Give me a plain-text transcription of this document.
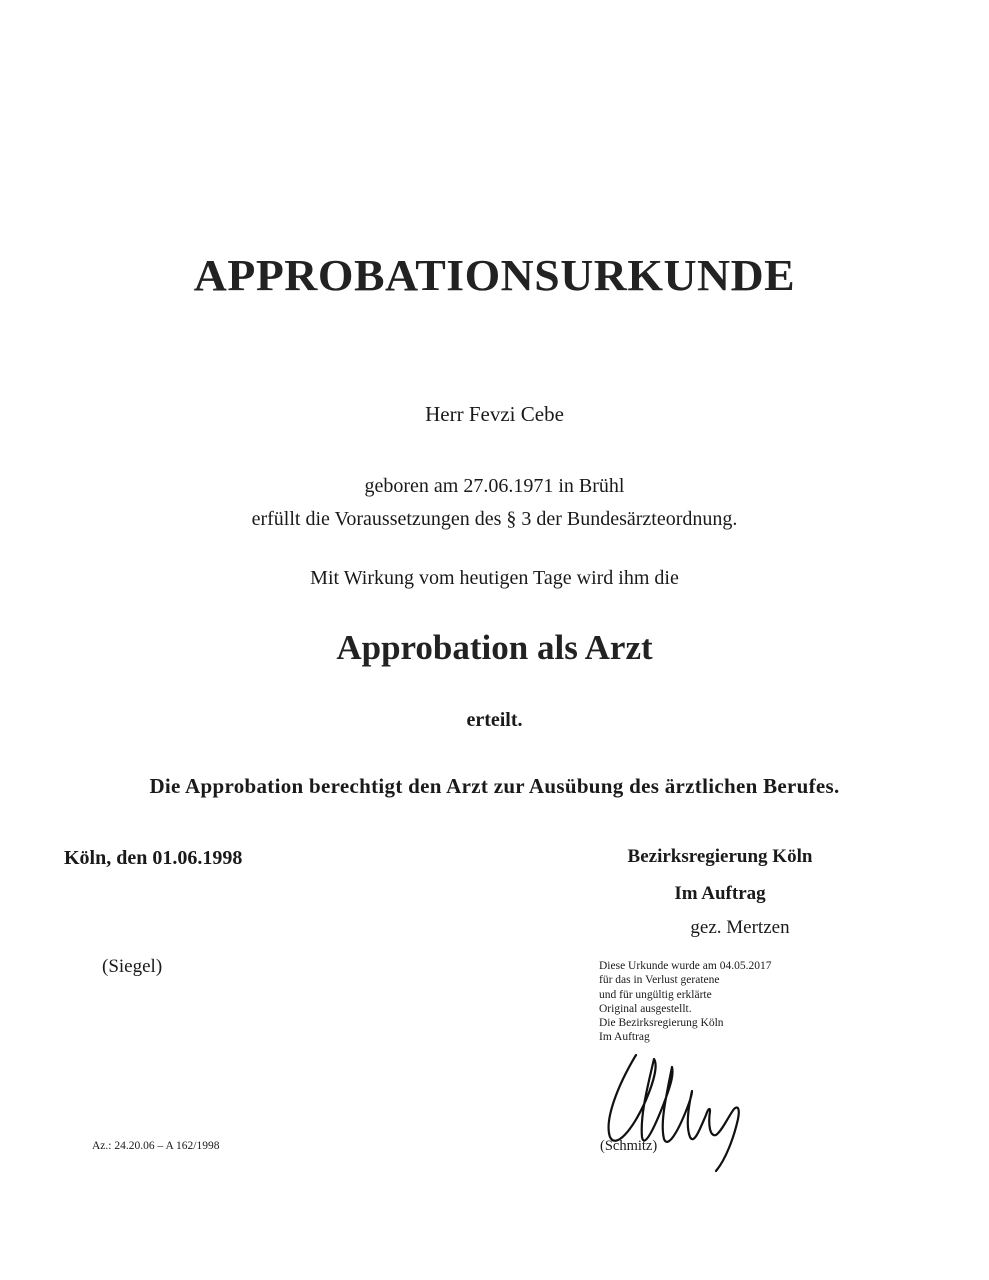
APPROBATIONSURKUNDE
Herr Fevzi Cebe
geboren am 27.06.1971 in Brühl
erfüllt die Voraussetzungen des § 3 der Bundesärzteordnung.
Mit Wirkung vom heutigen Tage wird ihm die
Approbation als Arzt
erteilt.
Die Approbation berechtigt den Arzt zur Ausübung des ärztlichen Berufes.
Köln, den 01.06.1998	Bezirksregierung Köln
Im Auftrag
gez. Mertzen
(Siegel)	Diese Urkunde wurde am 04.05.2017
für das in Verlust geratene
und für ungültig erklärte
Original ausgestellt.
Die Bezirksregierung Köln
Im Auftrag
(Schmitz)
Az.: 24.20.06 – A 162/1998
